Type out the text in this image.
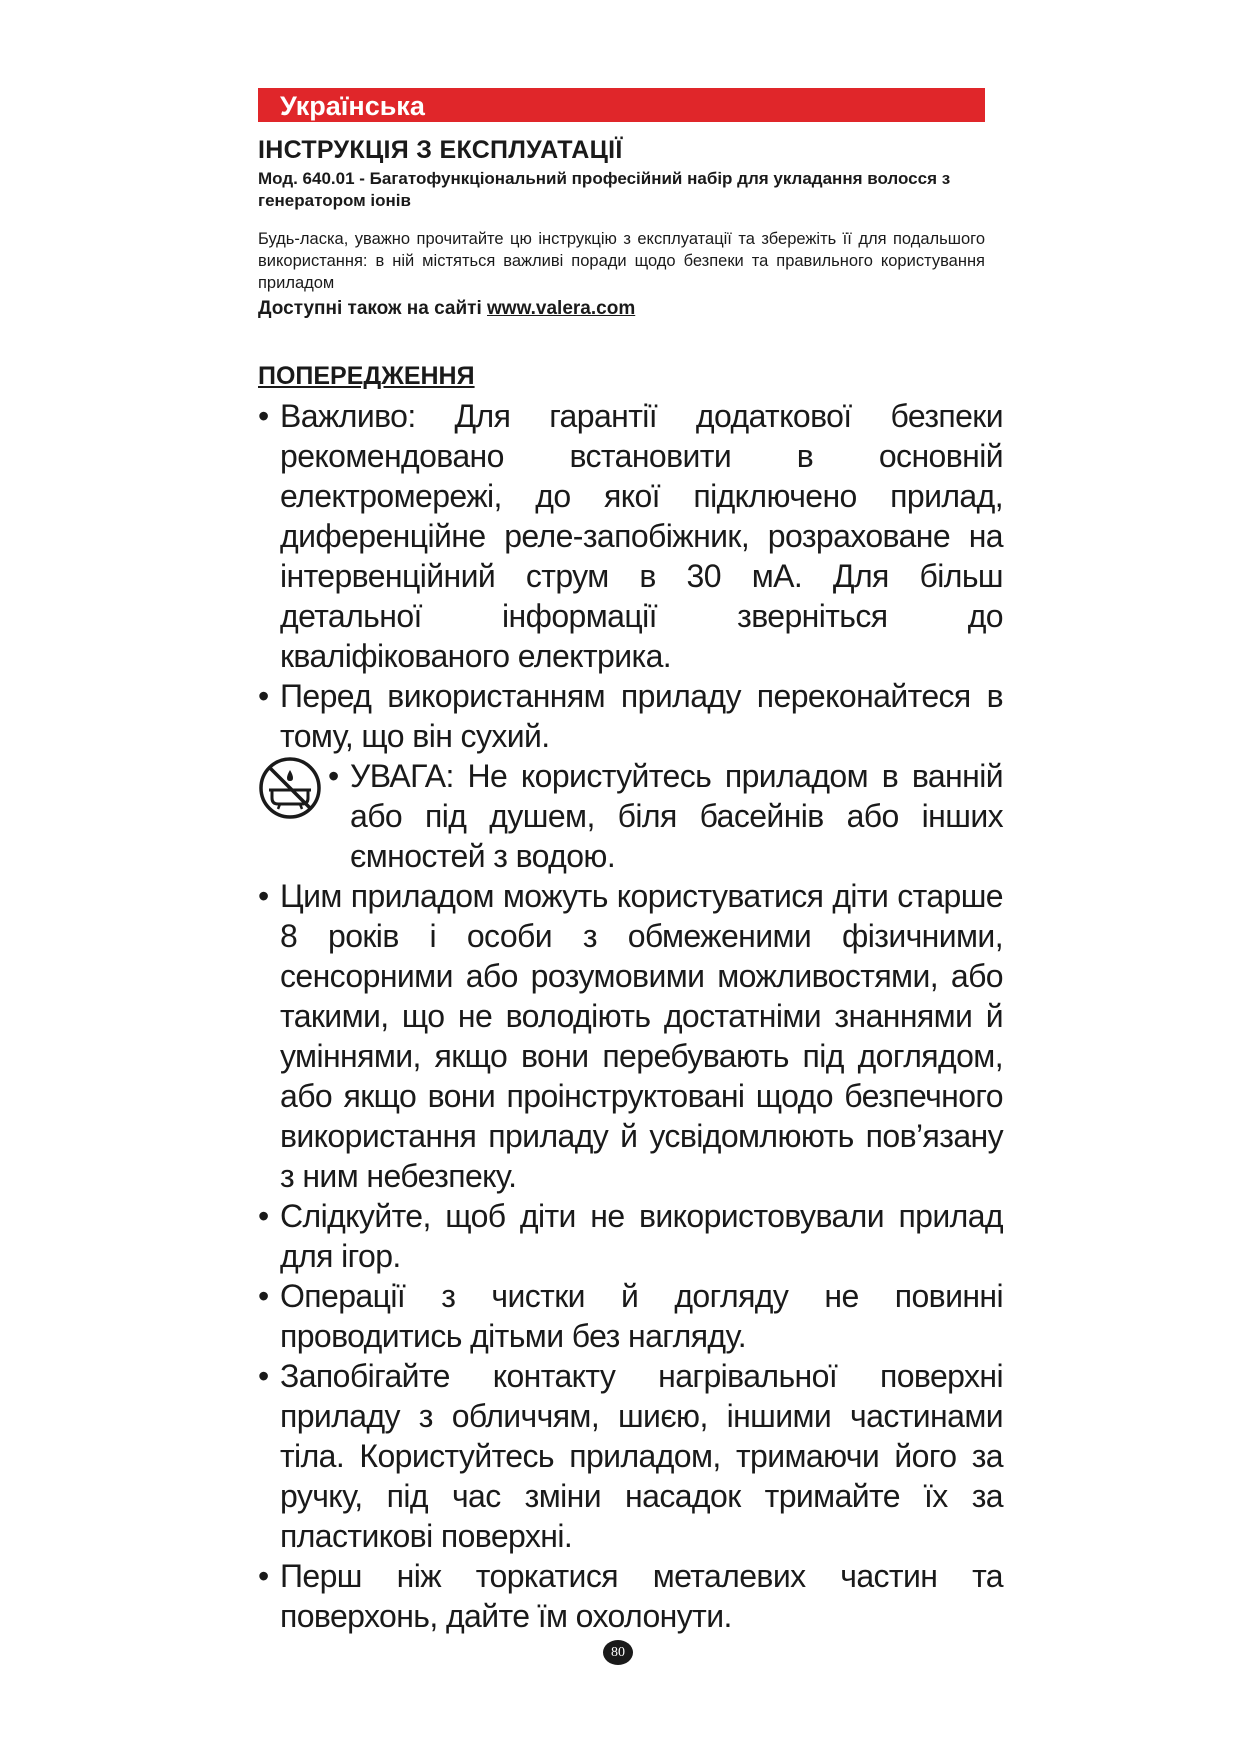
Українська
ІНСТРУКЦІЯ З ЕКСПЛУАТАЦІЇ
Мод. 640.01 - Багатофункціональний професійний набір для укладання волосся з генератором іонів
Будь-ласка, уважно прочитайте цю інструкцію з експлуатації та збережіть її для подальшого використання: в ній містяться важливі поради щодо безпеки та правильного користування приладом
Доступні також на сайті www.valera.com
ПОПЕРЕДЖЕННЯ
• Важливо: Для гарантії додаткової безпеки рекомендовано встановити в основній електромережі, до якої підключено прилад, диференційне реле-запобіжник, розраховане на інтервенційний струм в 30 мА. Для більш детальної інформації зверніться до кваліфікованого електрика.
• Перед використанням приладу переконайтеся в тому, що він сухий.
• УВАГА: Не користуйтесь приладом в ванній або під душем, біля басейнів або інших ємностей з водою.
• Цим приладом можуть користуватися діти старше 8 років і особи з обмеженими фізичними, сенсорними або розумовими можливостями, або такими, що не володіють достатніми знаннями й уміннями, якщо вони перебувають під доглядом, або якщо вони проінструктовані щодо безпечного використання приладу й усвідомлюють пов’язану з ним небезпеку.
• Слідкуйте, щоб діти не використовували прилад для ігор.
• Операції з чистки й догляду не повинні проводитись дітьми без нагляду.
• Запобігайте контакту нагрівальної поверхні приладу з обличчям, шиєю, іншими частинами тіла. Користуйтесь приладом, тримаючи його за ручку, під час зміни насадок тримайте їх за пластикові поверхні.
• Перш ніж торкатися металевих частин та поверхонь, дайте їм охолонути.
80
